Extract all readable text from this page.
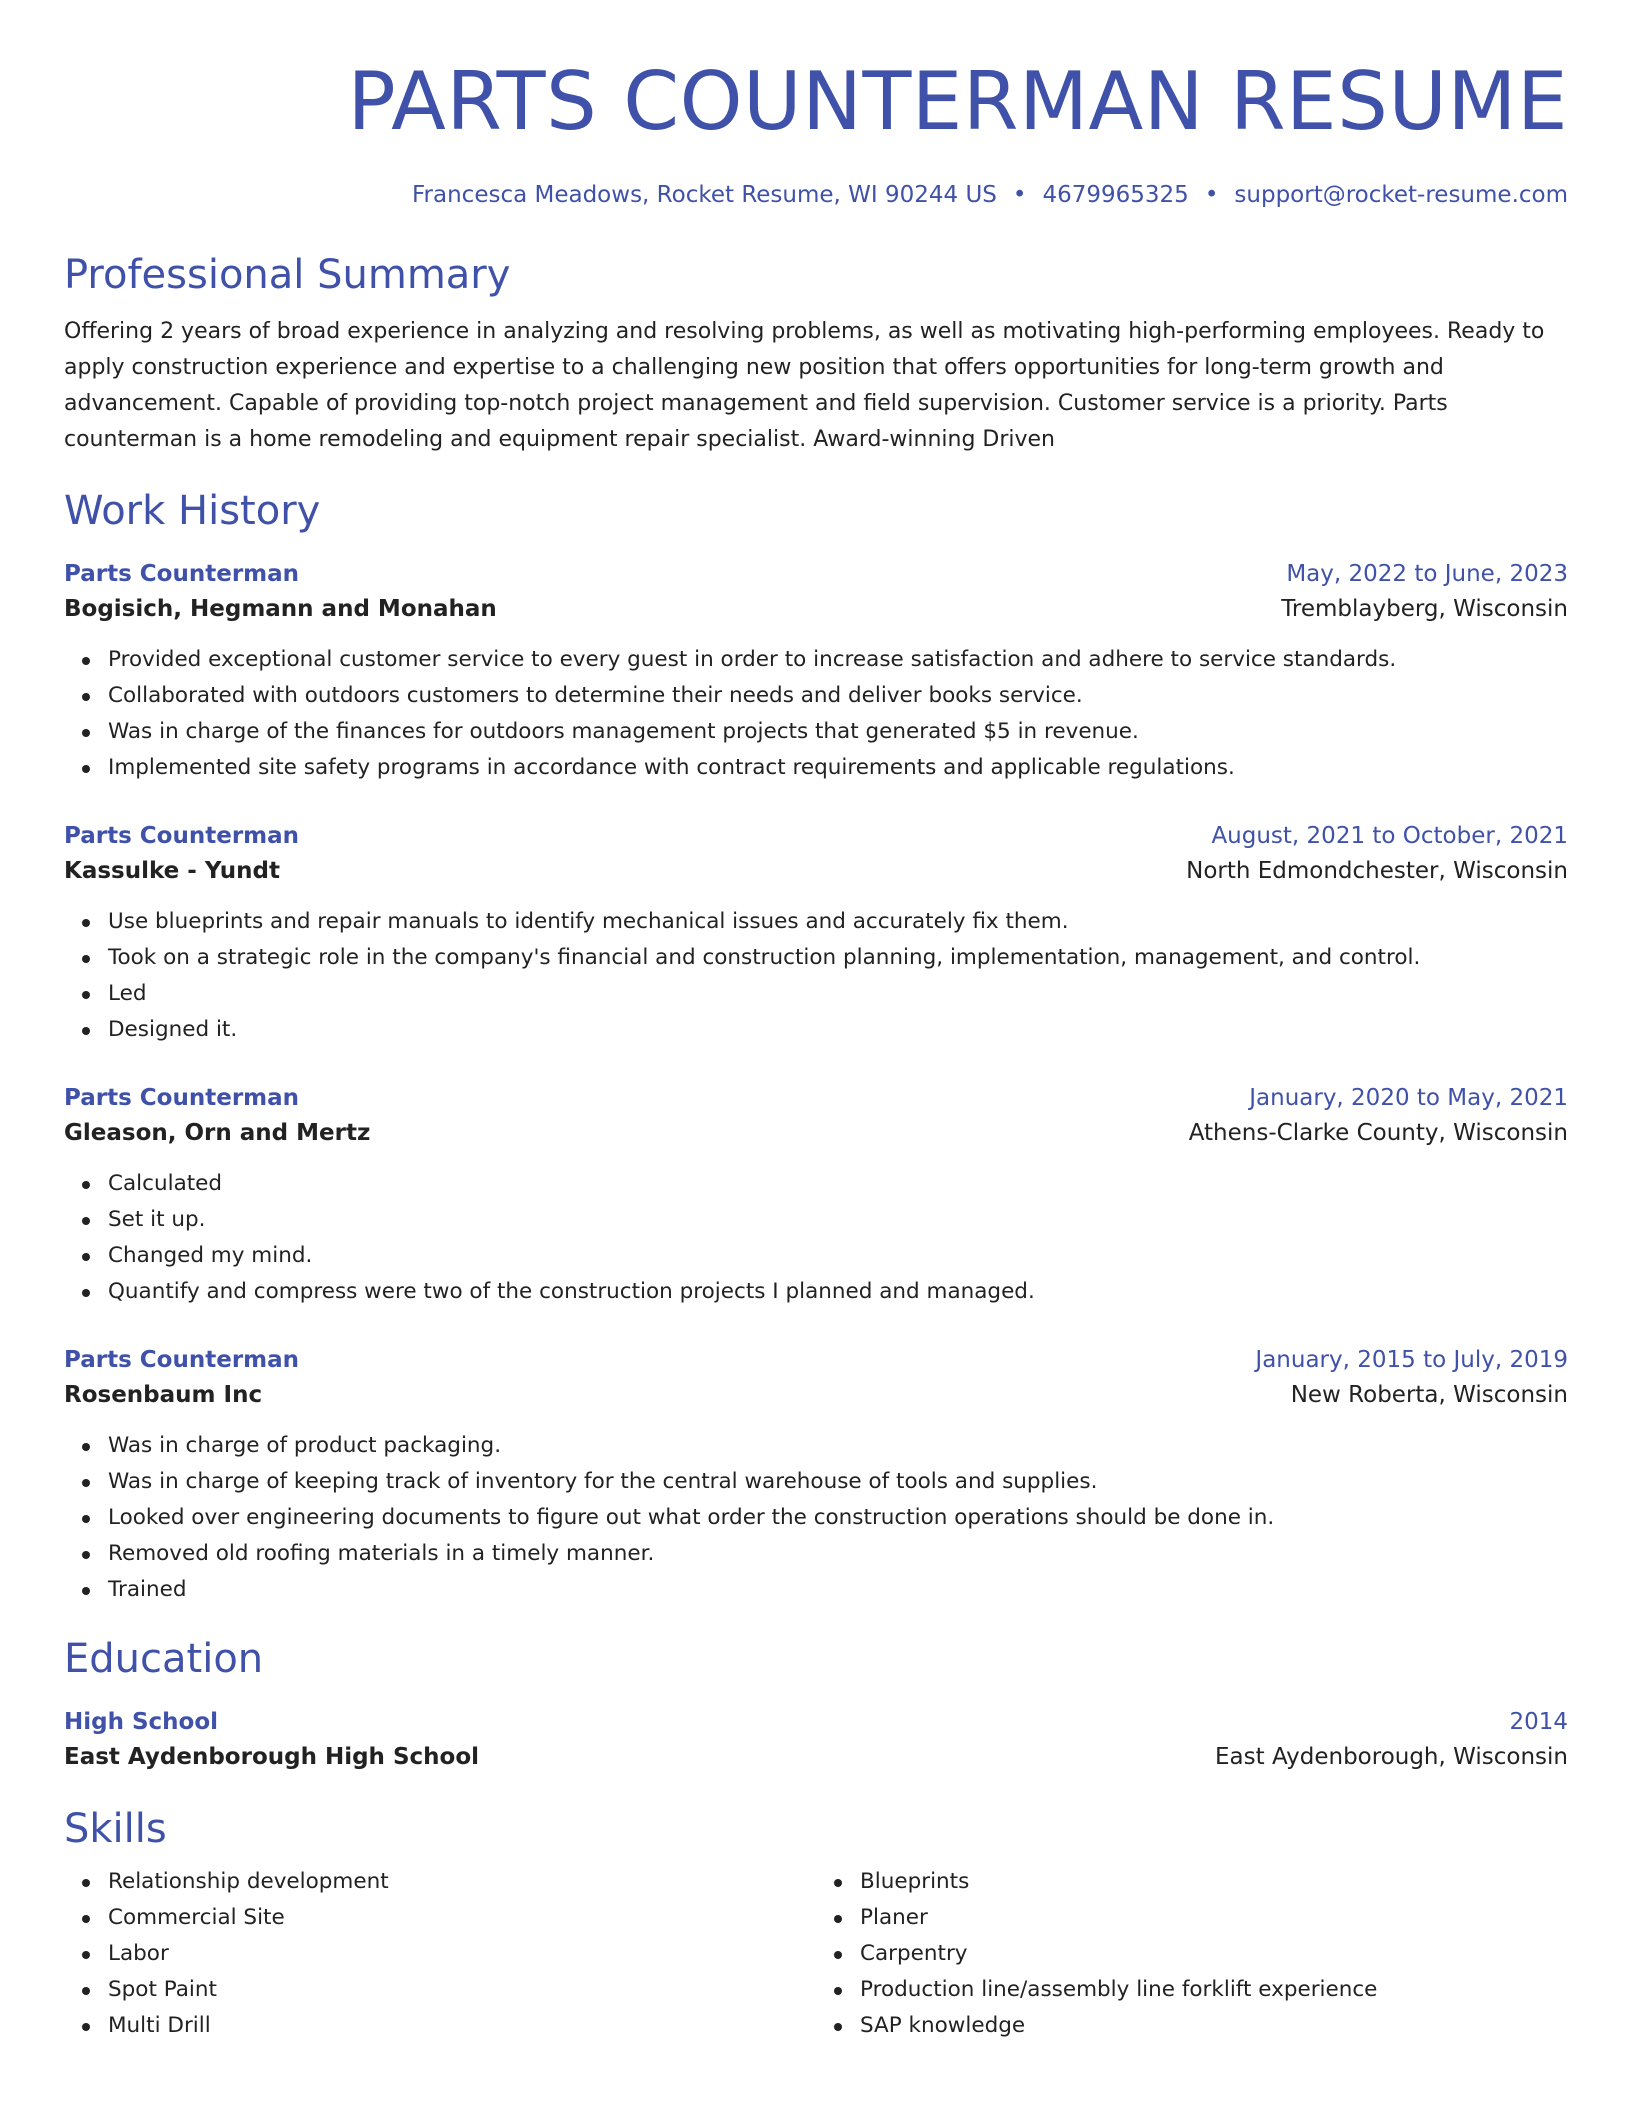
PARTS COUNTERMAN RESUME
Francesca Meadows, Rocket Resume, WI 90244 US • 4679965325 • support@rocket-resume.com
Professional Summary

Offering 2 years of broad experience in analyzing and resolving problems, as well as motivating high-performing employees. Ready to apply construction experience and expertise to a challenging new position that offers opportunities for long-term growth and advancement. Capable of providing top-notch project management and field supervision. Customer service is a priority. Parts counterman is a home remodeling and equipment repair specialist. Award-winning Driven

Work History
Parts Counterman	May, 2022 to June, 2023
Bogisich, Hegmann and Monahan	Tremblayberg, Wisconsin
Provided exceptional customer service to every guest in order to increase satisfaction and adhere to service standards.
Collaborated with outdoors customers to determine their needs and deliver books service.
Was in charge of the finances for outdoors management projects that generated $5 in revenue.
Implemented site safety programs in accordance with contract requirements and applicable regulations.
Parts Counterman	August, 2021 to October, 2021
Kassulke - Yundt	North Edmondchester, Wisconsin
Use blueprints and repair manuals to identify mechanical issues and accurately fix them.
Took on a strategic role in the company's financial and construction planning, implementation, management, and control.
Led
Designed it.
Parts Counterman	January, 2020 to May, 2021
Gleason, Orn and Mertz	Athens-Clarke County, Wisconsin
Calculated
Set it up.
Changed my mind.
Quantify and compress were two of the construction projects I planned and managed.
Parts Counterman	January, 2015 to July, 2019
Rosenbaum Inc	New Roberta, Wisconsin
Was in charge of product packaging.
Was in charge of keeping track of inventory for the central warehouse of tools and supplies.
Looked over engineering documents to figure out what order the construction operations should be done in.
Removed old roofing materials in a timely manner.
Trained
Education
High School	2014
East Aydenborough High School	East Aydenborough, Wisconsin
Skills
Relationship development
Commercial Site
Labor
Spot Paint
Multi Drill
Blueprints
Planer
Carpentry
Production line/assembly line forklift experience
SAP knowledge
